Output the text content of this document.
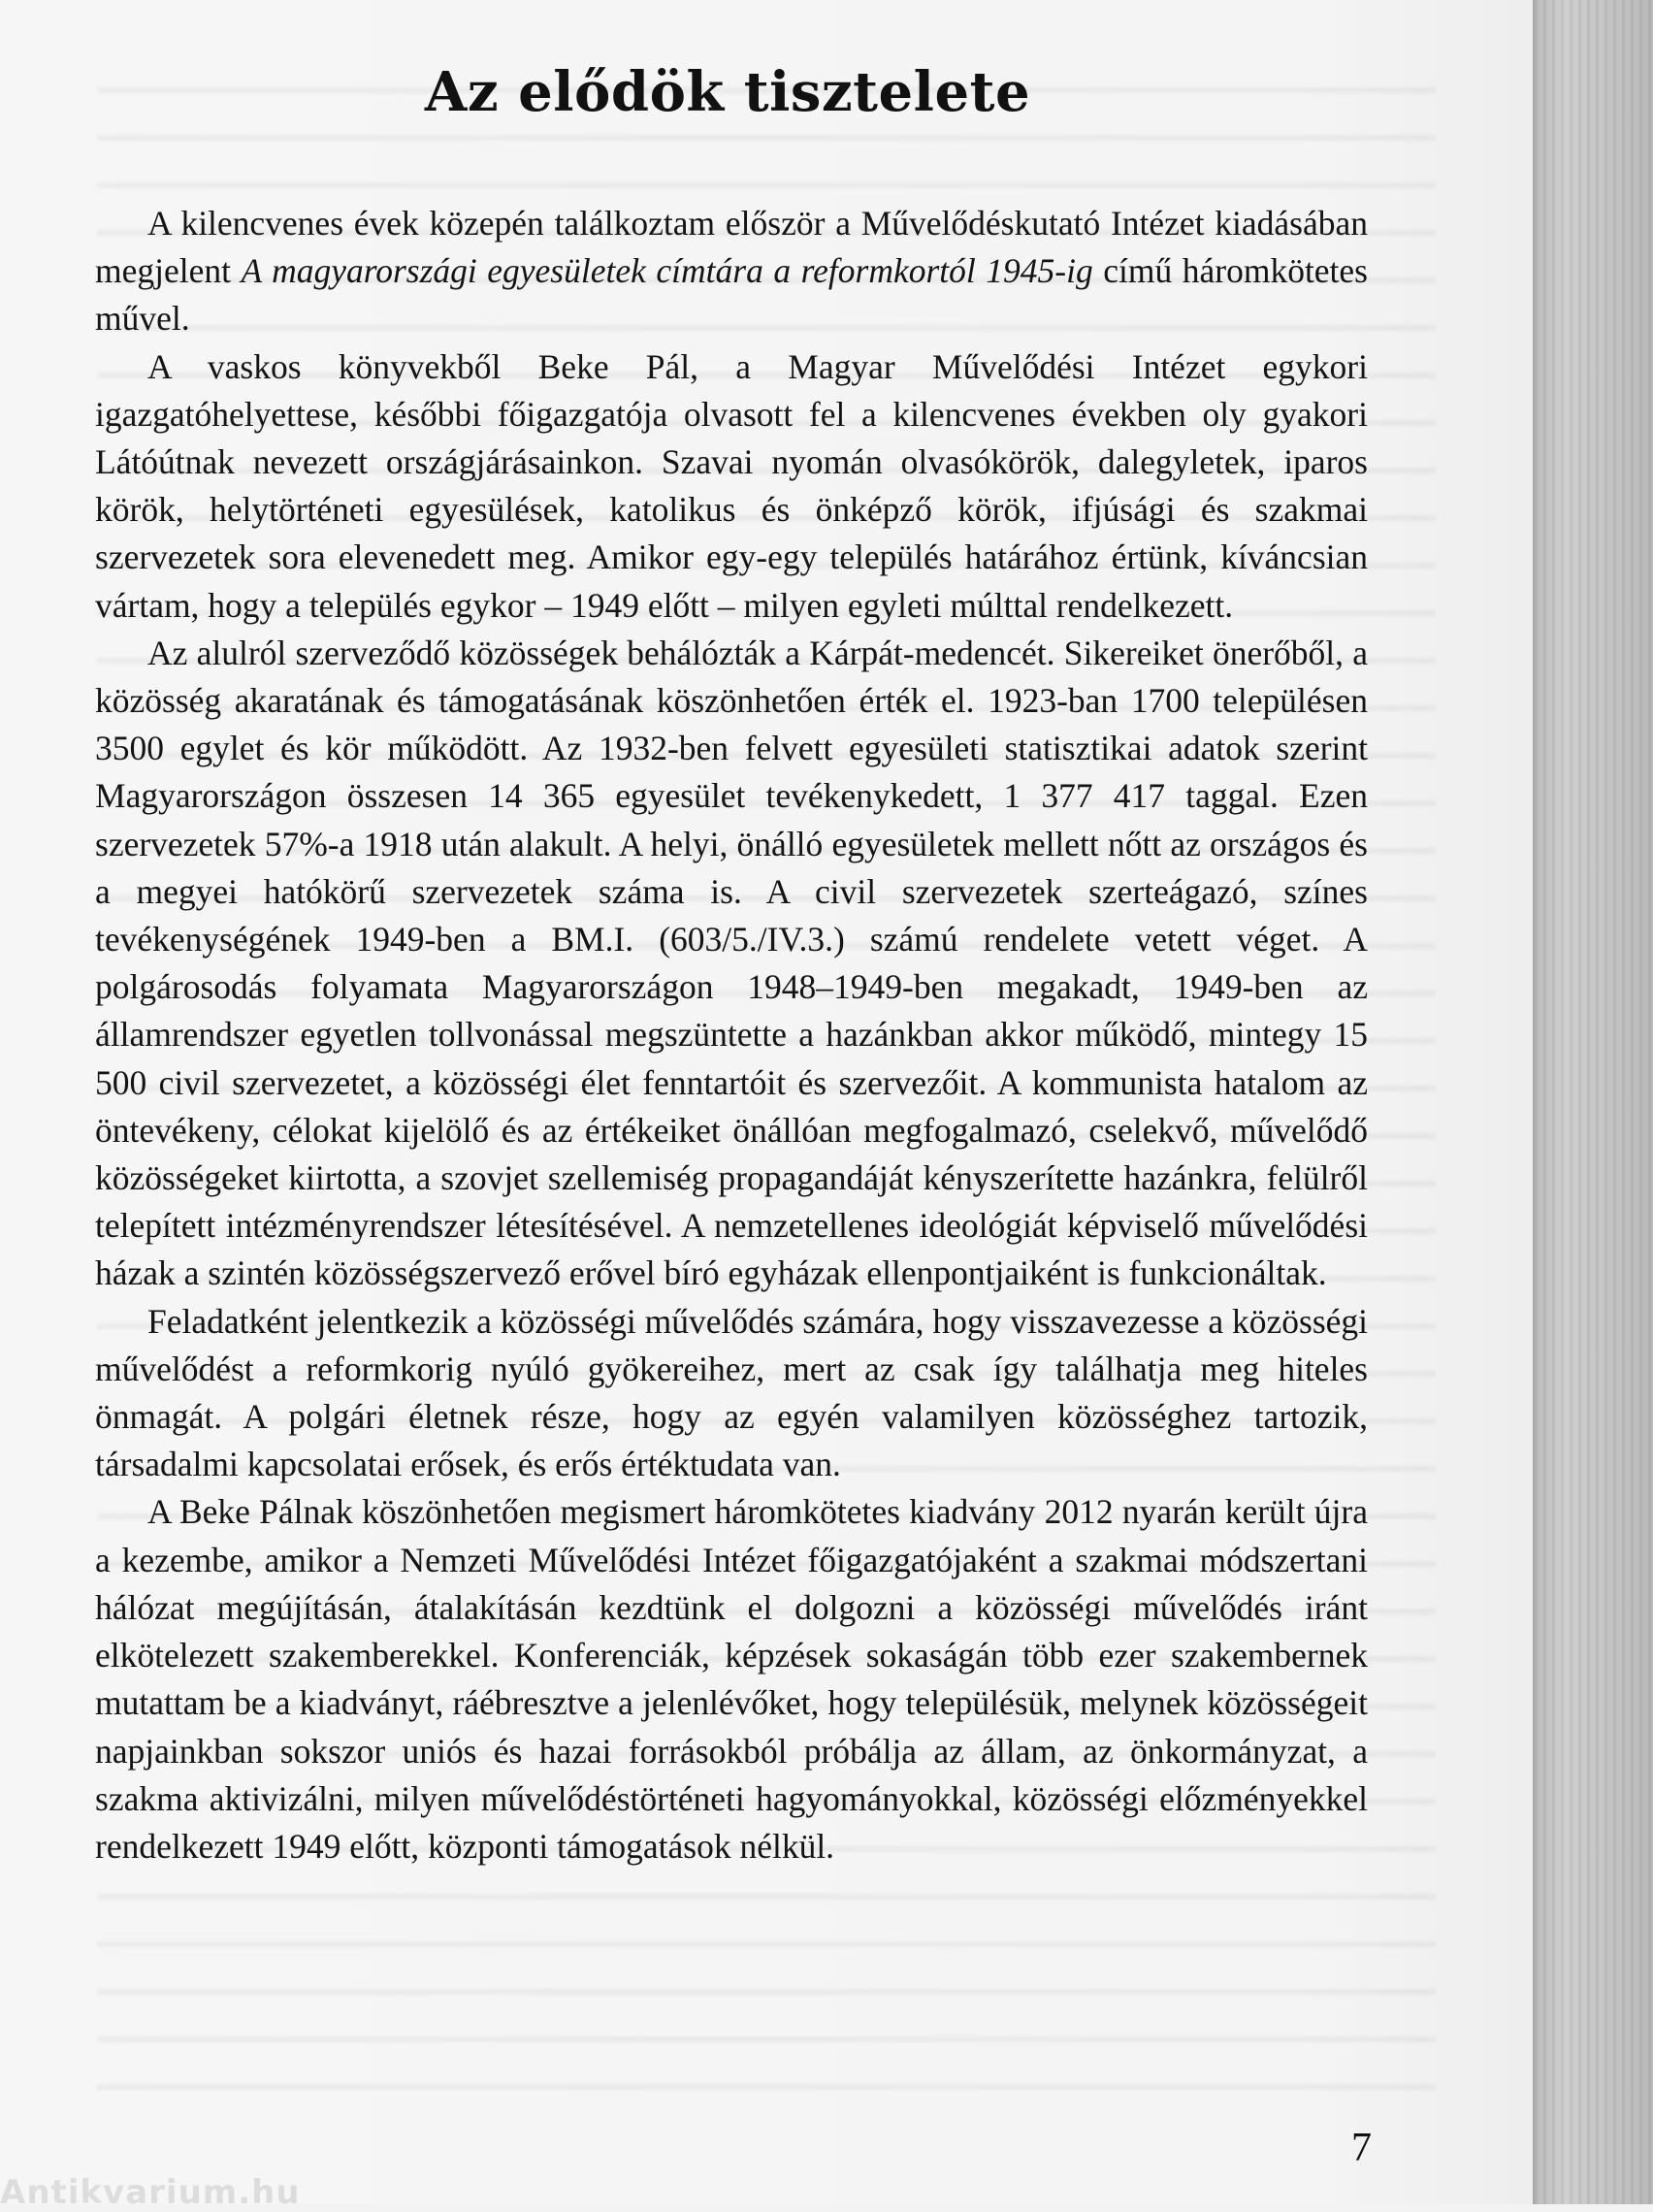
Az elődök tisztelete

A kilencvenes évek közepén találkoztam először a Művelődéskutató Intézet kiadásában megjelent A magyarországi egyesületek címtára a reformkortól 1945-ig című háromkötetes művel.

A vaskos könyvekből Beke Pál, a Magyar Művelődési Intézet egykori igazgatóhelyettese, későbbi főigazgatója olvasott fel a kilencvenes években oly gyakori Látóútnak nevezett országjárásainkon. Szavai nyomán olvasókörök, dalegyletek, iparos körök, helytörténeti egyesülések, katolikus és önképző körök, ifjúsági és szakmai szervezetek sora elevenedett meg. Amikor egy-egy település határához értünk, kíváncsian vártam, hogy a település egykor – 1949 előtt – milyen egyleti múlttal rendelkezett.

Az alulról szerveződő közösségek behálózták a Kárpát-medencét. Sikereiket önerőből, a közösség akaratának és támogatásának köszönhetően érték el. 1923-ban 1700 településen 3500 egylet és kör működött. Az 1932-ben felvett egyesületi statisztikai adatok szerint Magyarországon összesen 14 365 egyesület tevékenykedett, 1 377 417 taggal. Ezen szervezetek 57%-a 1918 után alakult. A helyi, önálló egyesületek mellett nőtt az országos és a megyei hatókörű szervezetek száma is. A civil szervezetek szerteágazó, színes tevékenységének 1949-ben a BM.I. (603/5./IV.3.) számú rendelete vetett véget. A polgárosodás folyamata Magyarországon 1948–1949-ben megakadt, 1949-ben az államrendszer egyetlen tollvonással megszüntette a hazánkban akkor működő, mintegy 15 500 civil szervezetet, a közösségi élet fenntartóit és szervezőit. A kommunista hatalom az öntevékeny, célokat kijelölő és az értékeiket önállóan megfogalmazó, cselekvő, művelődő közösségeket kiirtotta, a szovjet szellemiség propagandáját kényszerítette hazánkra, felülről telepített intézményrendszer létesítésével. A nemzetellenes ideológiát képviselő művelődési házak a szintén közösségszervező erővel bíró egyházak ellenpontjaiként is funkcionáltak.

Feladatként jelentkezik a közösségi művelődés számára, hogy visszavezesse a közösségi művelődést a reformkorig nyúló gyökereihez, mert az csak így találhatja meg hiteles önmagát. A polgári életnek része, hogy az egyén valamilyen közösséghez tartozik, társadalmi kapcsolatai erősek, és erős értéktudata van.

A Beke Pálnak köszönhetően megismert háromkötetes kiadvány 2012 nyarán került újra a kezembe, amikor a Nemzeti Művelődési Intézet főigazgatójaként a szakmai módszertani hálózat megújításán, átalakításán kezdtünk el dolgozni a közösségi művelődés iránt elkötelezett szakemberekkel. Konferenciák, képzések sokaságán több ezer szakembernek mutattam be a kiadványt, ráébresztve a jelenlévőket, hogy településük, melynek közösségeit napjainkban sokszor uniós és hazai forrásokból próbálja az állam, az önkormányzat, a szakma aktivizálni, milyen művelődéstörténeti hagyományokkal, közösségi előzményekkel rendelkezett 1949 előtt, központi támogatások nélkül.

7
Antikvarium.hu
